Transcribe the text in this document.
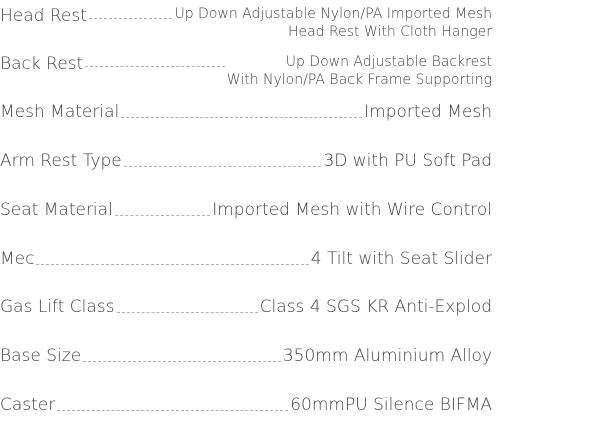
Head Rest	Up Down Adjustable Nylon/PA Imported Mesh
Head Rest With Cloth Hanger
Back Rest	Up Down Adjustable Backrest
With Nylon/PA Back Frame Supporting
Mesh Material	Imported Mesh
Arm Rest Type	3D with PU Soft Pad
Seat Material	Imported Mesh with Wire Control
Mec	4 Tilt with Seat Slider
Gas Lift Class	Class 4 SGS KR Anti-Explod
Base Size	350mm Aluminium Alloy
Caster	60mmPU Silence BIFMA
